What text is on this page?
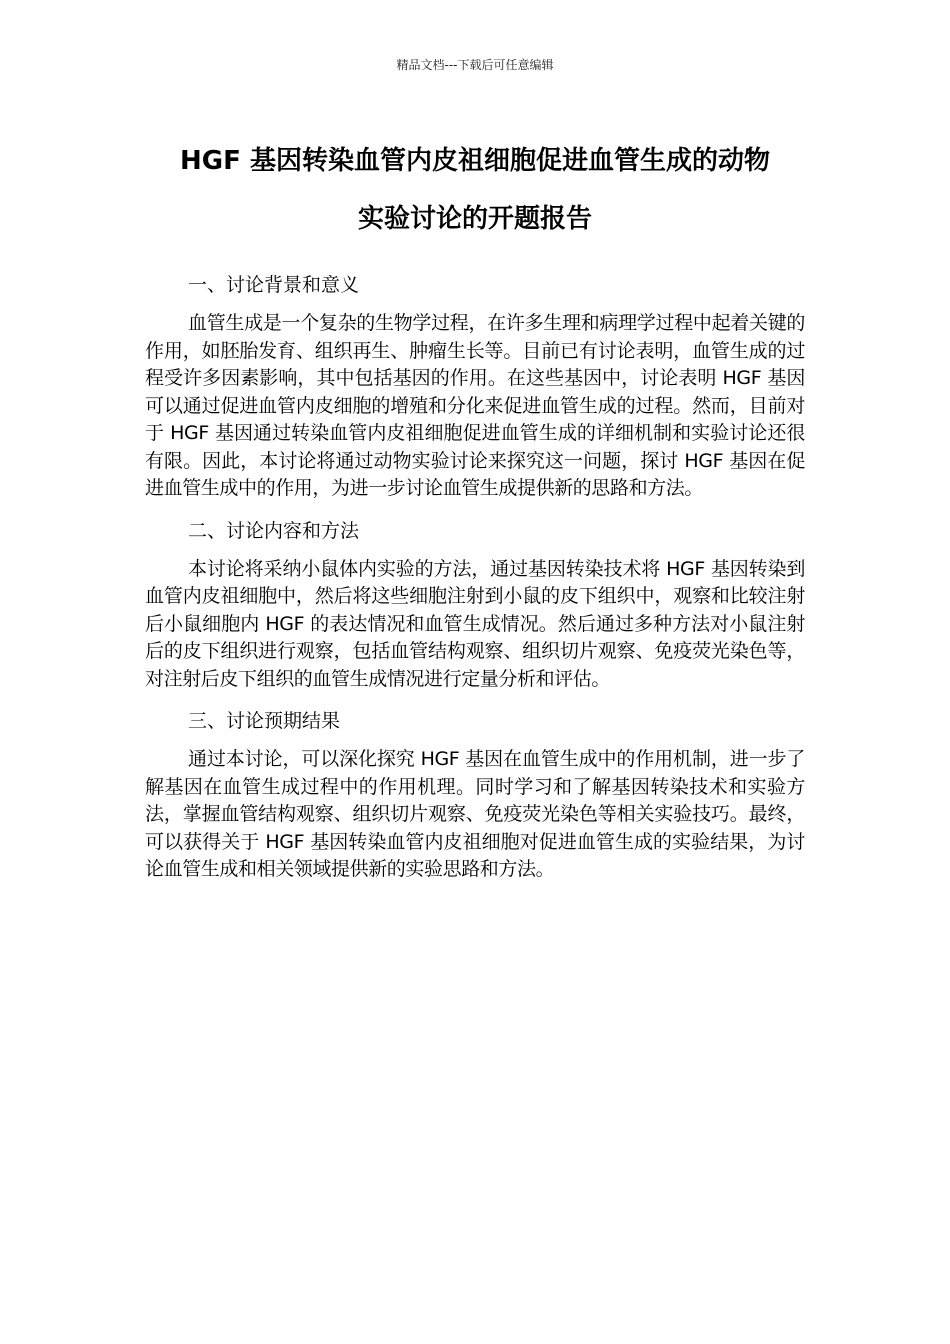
精品文档---下载后可任意编辑
HGF 基因转染血管内皮祖细胞促进血管生成的动物
实验讨论的开题报告

一、讨论背景和意义

血管生成是一个复杂的生物学过程，在许多生理和病理学过程中起着关键的作用，如胚胎发育、组织再生、肿瘤生长等。目前已有讨论表明，血管生成的过程受许多因素影响，其中包括基因的作用。在这些基因中，讨论表明 HGF 基因可以通过促进血管内皮细胞的增殖和分化来促进血管生成的过程。然而，目前对于 HGF 基因通过转染血管内皮祖细胞促进血管生成的详细机制和实验讨论还很有限。因此，本讨论将通过动物实验讨论来探究这一问题，探讨 HGF 基因在促进血管生成中的作用，为进一步讨论血管生成提供新的思路和方法。

二、讨论内容和方法

本讨论将采纳小鼠体内实验的方法，通过基因转染技术将 HGF 基因转染到血管内皮祖细胞中，然后将这些细胞注射到小鼠的皮下组织中，观察和比较注射后小鼠细胞内 HGF 的表达情况和血管生成情况。然后通过多种方法对小鼠注射后的皮下组织进行观察，包括血管结构观察、组织切片观察、免疫荧光染色等，对注射后皮下组织的血管生成情况进行定量分析和评估。

三、讨论预期结果

通过本讨论，可以深化探究 HGF 基因在血管生成中的作用机制，进一步了解基因在血管生成过程中的作用机理。同时学习和了解基因转染技术和实验方法，掌握血管结构观察、组织切片观察、免疫荧光染色等相关实验技巧。最终，可以获得关于 HGF 基因转染血管内皮祖细胞对促进血管生成的实验结果，为讨论血管生成和相关领域提供新的实验思路和方法。
